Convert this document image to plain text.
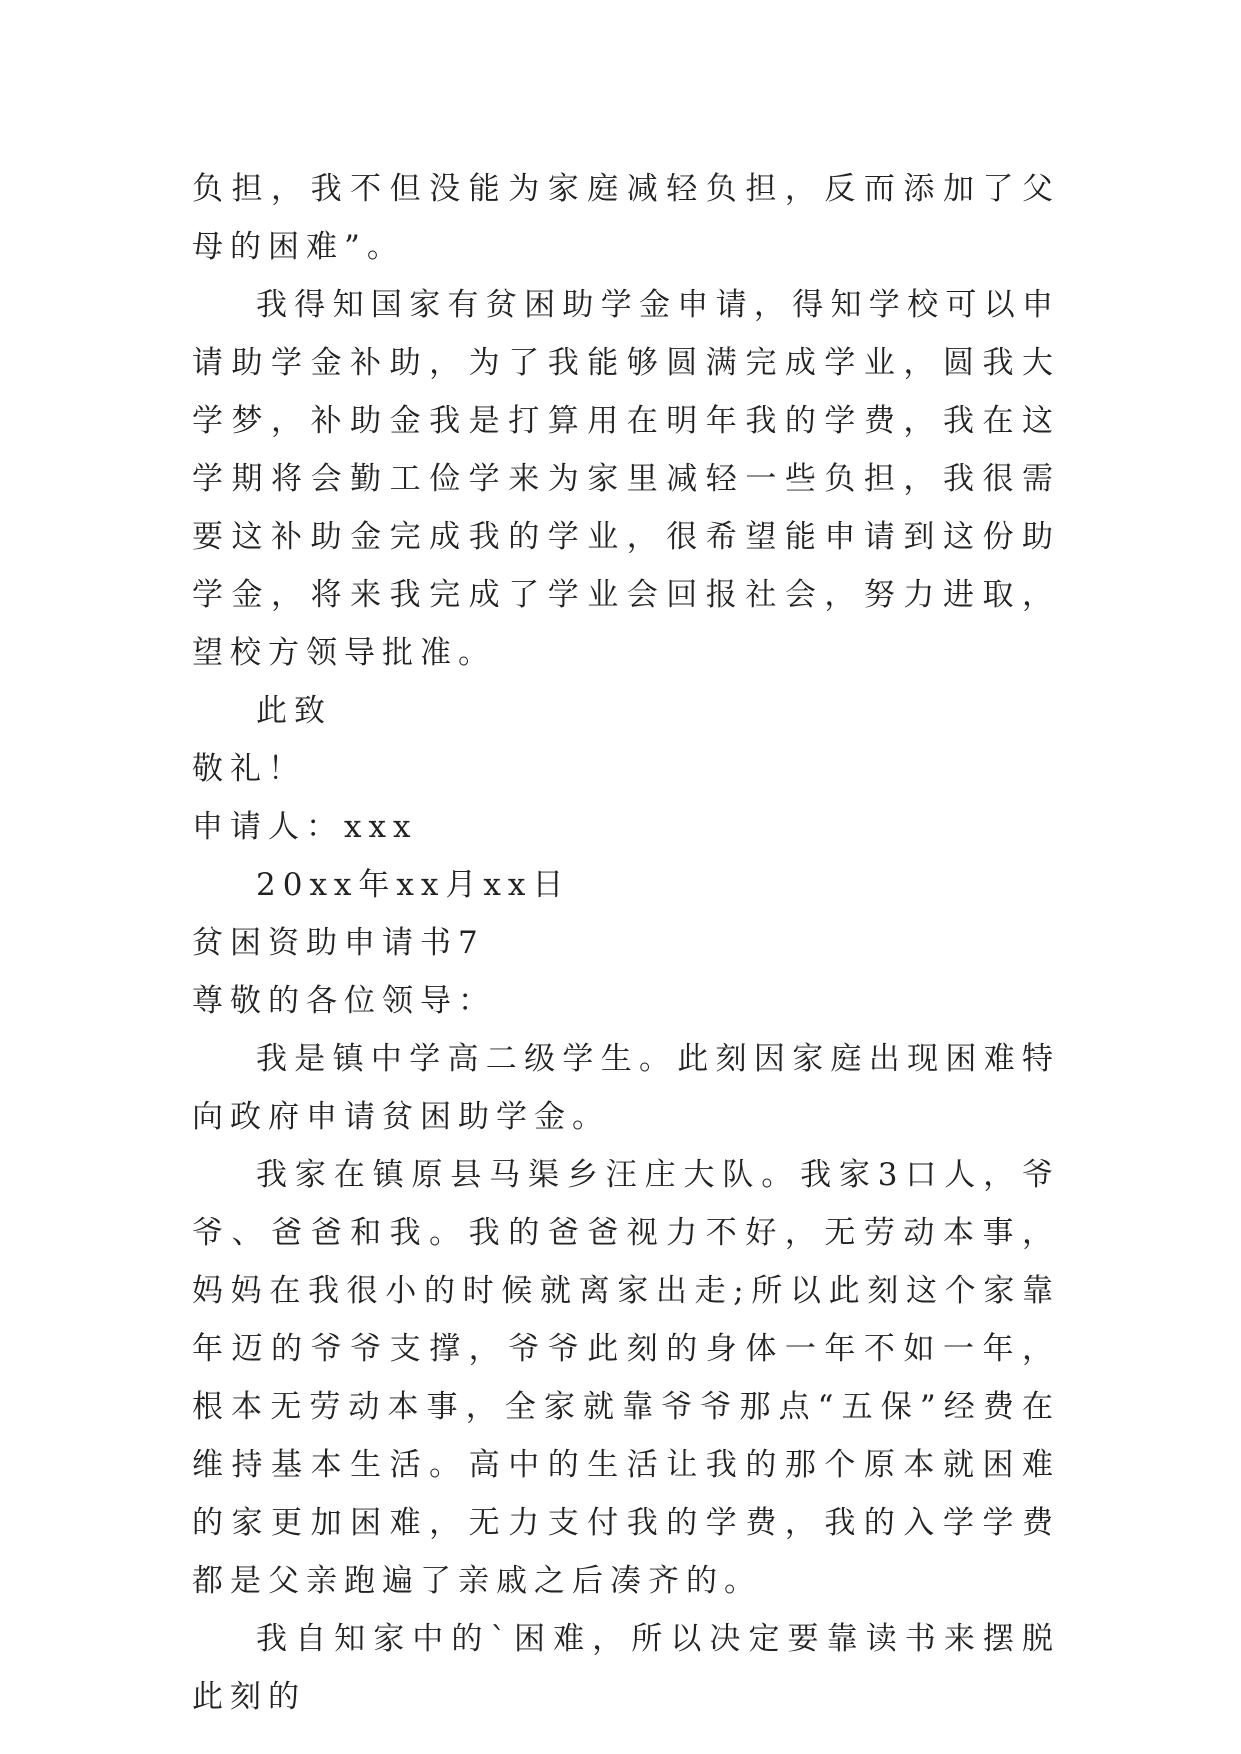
负担，我不但没能为家庭减轻负担，反而添加了父母的困难”。

我得知国家有贫困助学金申请，得知学校可以申请助学金补助，为了我能够圆满完成学业，圆我大学梦，补助金我是打算用在明年我的学费，我在这学期将会勤工俭学来为家里减轻一些负担，我很需要这补助金完成我的学业，很希望能申请到这份助学金，将来我完成了学业会回报社会，努力进取，望校方领导批准。

此致

敬礼！

申请人：xxx

20xx年xx月xx日

贫困资助申请书7

尊敬的各位领导：

我是镇中学高二级学生。此刻因家庭出现困难特向政府申请贫困助学金。

我家在镇原县马渠乡汪庄大队。我家3口人，爷爷、爸爸和我。我的爸爸视力不好，无劳动本事，妈妈在我很小的时候就离家出走;所以此刻这个家靠年迈的爷爷支撑，爷爷此刻的身体一年不如一年，根本无劳动本事，全家就靠爷爷那点“五保”经费在维持基本生活。高中的生活让我的那个原本就困难的家更加困难，无力支付我的学费，我的入学学费都是父亲跑遍了亲戚之后凑齐的。

我自知家中的`困难，所以决定要靠读书来摆脱此刻的
